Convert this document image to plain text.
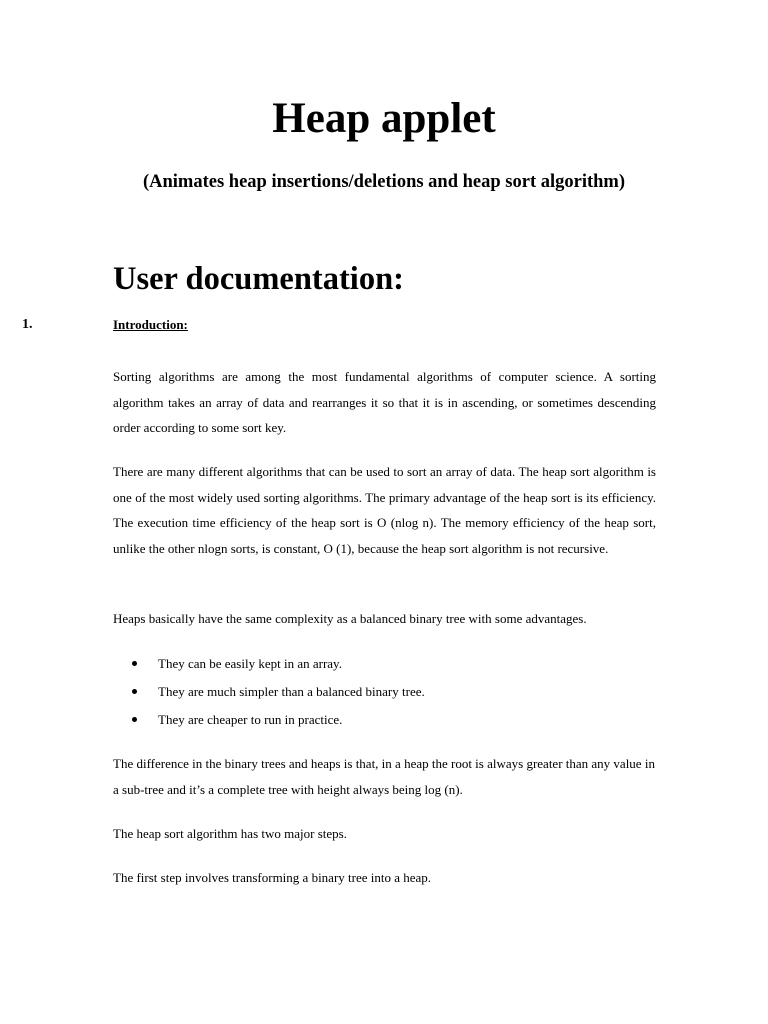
Heap applet

(Animates heap insertions/deletions and heap sort algorithm)

User documentation:
1.	Introduction:

Sorting algorithms are among the most fundamental algorithms of computer science. A sorting algorithm takes an array of data and rearranges it so that it is in ascending, or sometimes descending order according to some sort key.

There are many different algorithms that can be used to sort an array of data. The heap sort algorithm is one of the most widely used sorting algorithms. The primary advantage of the heap sort is its efficiency. The execution time efficiency of the heap sort is O (nlog n). The memory efficiency of the heap sort, unlike the other nlogn sorts, is constant, O (1), because the heap sort algorithm is not recursive.

Heaps basically have the same complexity as a balanced binary tree with some advantages.

They can be easily kept in an array.
They are much simpler than a balanced binary tree.
They are cheaper to run in practice.

The difference in the binary trees and heaps is that, in a heap the root is always greater than any value in a sub-tree and it’s a complete tree with height always being log (n).

The heap sort algorithm has two major steps.

The first step involves transforming a binary tree into a heap.
